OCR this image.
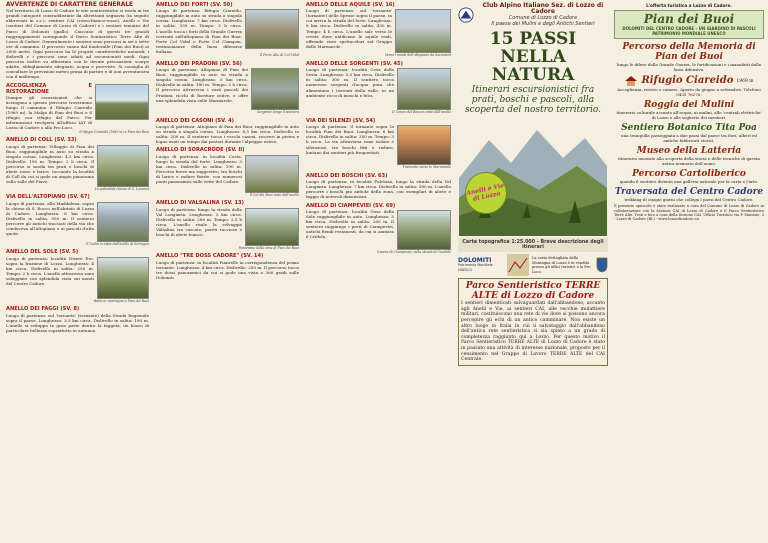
AVVERTENZE DI CARATTERE GENERALE
Nel territorio di Lozzo di Cadore le vite sentieristiche si rivela in tre grandi categorie contraddistinte da altrettanti segnavia (in seguito abbreviati in s.s.): sentieri CAI (rosso-bianco-rosso), Anelli e Vie (sentieri del Comune di Lozzo di Cadore) e i sentieri tematici del Parco di Dolomiti (giallo). Ciascuno di questi tre grandi raggruppamenti corrisponde il Parco Sentieristico Terre Alte di Lozzo di Cadore. Generalmente i sentieri sono percorsi in sei o sette ore di cammino. Il percorso vanno dal fondovalle (Pian dei Buoi) ai 2000 metri. Ogni percorso ha le proprie caratteristiche naturali: i dislivelli e i percorsi sono adatti ad escursionisti medi. Ogni percorso inoltre va affrontato con le dovute precauzioni: scarpe adatte, abbigliamento adeguato, acqua e provviste. Si consiglia di consultare le previsioni meteo prima di partire e di non avventurarsi con il maltempo.
ACCOGLIENZA E RISTORAZIONE
Dunque gli escursionisti che si accingono a questo percorso troveranno lungo il cammino il Rifugio Ciareido (1969 m), la Malga di Pian dei Buoi e il rifugio con rifugio del Parco. Per informazioni rivolgersi all'ufficio IAT di Lozzo di Cadore o alla Pro Loco.
Il rifugio Ciareido (1969 m) a Pian dei Buoi
ANELLO DI COLL (SV. 33)
Luogo di partenza: Villaggio di Pian dei Buoi, raggiungibile in auto su strada a singola corsia. Lunghezza: 4,5 km circa. Dislivello: 190 m. Tempo: 2 h circa. Il percorso si snoda tra prati e boschi di abete rosso e larice, toccando la località di Coll da cui si gode un ampio panorama sulla valle del Piave.
La splendida chiesa di S. Lorenzo
VIA DELL'ALTOPIANO (SV. 67)
Luogo di partenza: alla Maddalena, sopra la chiesa di S. Rocco nell'abitato di Lozzo di Cadore. Lunghezza: 6 km circa. Dislivello in salita: 950 m. Il sentiero percorre gli antichi tracciati della via che conduceva all'altopiano e ai pascoli d'alta quota.
Il Cadin in vista dall'anello di Seringou
ANELLO DEL SOLE (SV. 5)
Luogo di partenza: località Nisere Ere, sopra la frazione di Lozzo. Lunghezza: 4 km circa. Dislivello in salita: 250 m. Tempo: 2 h circa. L'anello attraversa zone soleggiate con splendida vista sui monti del Centro Cadore.
Baita in montagna a Pian dei Buoi
ANELLO DEI FAGGI (SV. 8)
Luogo di partenza: sul 'tornante' (tornante) della Strada Regionale sopra il paese. Lunghezza: 3,5 km circa. Dislivello in salita: 190 m. L'anello si sviluppa in gran parte dentro la faggeta, un bosco di particolare bellezza soprattutto in autunno.
ANELLO DEI FORTI (SV. 50)
Luogo di partenza: Rifugio Ciareido, raggiungibile in auto su strada a singola corsia. Lunghezza: 7 km circa. Dislivello in salita: 330 m. Tempo: 3 h circa. L'anello tocca i forti della Grande Guerra costruiti sull'altopiano di Pian dei Buoi: Forte Col Vidal e Forte Col Ciampon, testimonianze della linea difensiva italiana.
Il Forte Alto di Col Vidal
ANELLO DEI PRADONI (SV. 56)
Luogo di partenza: Altopiano di Pian dei Buoi, raggiungibile in auto su strada a singola corsia. Lunghezza: 5 km circa. Dislivello in salita: 180 m. Tempo: 2 h circa. Il percorso attraversa i vasti pascoli dei Pradoni, ricchi di fioriture estive, e offre una splendida vista sulle Marmarole.
Sorgente lungo il sentiero
ANELLO DEI CASONI (SV. 4)
Luogo di partenza: Altopiano di Pian dei Buoi, raggiungibile in auto su strada a singola corsia. Lunghezza: 6,5 km circa. Dislivello in salita: 200 m. Il sentiero tocca i vecchi casoni, ricoveri in pietra e legno usati un tempo dai pastori durante l'alpeggio estivo.
ANELLO DI SORACRODE (SV. II)
Luogo di partenza: in località Costa, lungo la strada del forte. Lunghezza: 3 km circa. Dislivello in salita: 190 m. Percorso breve ma suggestivo, tra boschi di larice e radure fiorite, con numerosi punti panoramici sulle vette del Cadore.
Il Col dei Buoi visto dall'anello
ANELLO DI VALSALINA (SV. 13)
Luogo di partenza: lungo la strada della Val Longiarin. Lunghezza: 5 km circa. Dislivello in salita: 280 m. Tempo: 2,5 h circa. L'anello risale la selvaggia Valsalina tra cascate, pareti rocciose e boschi di abete bianco.
Panorama dalla cima di Pian dei Buoi
ANELLO "TRE DOSS CADORE" (SV. 14)
Luogo di partenza: in località Pianrelle in corrispondenza del primo tornante. Lunghezza: 4 km circa. Dislivello: 250 m. Il percorso tocca tre dossi panoramici da cui si gode una vista a 360 gradi sulle Dolomiti.
ANELLO DELLE AQUILE (SV. 16)
Luogo di partenza: sul 'tornante' (tornante) delle Spesse sopra il paese, in cui arriva la strada del forte. Lunghezza: 8 km circa. Dislivello in salita: 430 m. Tempo: 4 h circa. L'anello sale verso le creste dove nidificano le aquile reali, offrendo viste spettacolari sul Gruppo delle Marmarole.
Verso i monti dell'altopiano da Sorantoni
ANELLO DELLE SORGENTI (SV. 45)
Luogo di partenza: località Ceva della Sesta. Lunghezza: 5,5 km circa. Dislivello in salita: 300 m. Il sentiero tocca numerose sorgenti d'acqua pura che alimentano i torrenti della valle, in un ambiente ricco di muschi e felci.
Il Cimon del Boscon visto dall'anello
VIA DEI SILENZI (SV. 54)
Luogo di partenza: il tornante sopra la località Pian dei Buoi. Lunghezza: 6 km circa. Dislivello in salita: 350 m. Tempo: 3 h circa. La via attraversa zone isolate e silenziose, tra boschi fitti e radure, lontano dai sentieri più frequentati.
Tramonto verso le Marmarole
ANELLO DEI BOSCHI (SV. 63)
Luogo di partenza: in località Fulchiaa, lungo la strada della Val Longiarin. Lunghezza: 7 km circa. Dislivello in salita: 380 m. L'anello percorre i boschi più antichi della zona, con esemplari di abete e faggio di notevoli dimensioni.
ANELLO DI CIAMPEVIEI (SV. 69)
Luogo di partenza: località Gosa della Sole raggiungibile in auto. Lunghezza: 5 km circa. Dislivello in salita: 260 m. Il sentiero raggiunge i prati di Ciampeviei, antichi fienili restaurati, da cui si ammira il Cridola.
Casera di Ciampeviei, sulla strada di Candide
Club Alpino Italiano Sez. di Lozzo di Cadore
Comune di Lozzo di Cadore
Il paese dei Mulini e degli Antichi Sentieri
15 PASSI NELLA NATURA
Itinerari escursionistici fra prati, boschi e pascoli, alla scoperta del nostro territorio.
Anelli e Vie di Lozzo
Carta topografica 1:25.000 - Breve descrizione degli itinerari
DOLOMITI
Patrimonio Mondiale UNESCO
La carta dettagliata della Montagna di Lozzo è in vendita presso gli uffici turistici e la Pro Loco.
Parco Sentieristico TERRE ALTE di Lozzo di Cadore
I sentieri dimenticati salvaguardati dall'abbandono, accanto agli Anelli e Vie, ai sentieri CAI, alle vecchie mulattiere militari, costituiscono una rete di vie dove si possono ancora percepire gli echi di un antico camminare. Non esiste un altro luogo in Italia in cui il salvataggio dall'abbandono dell'antica rete sentieristica si sia spinto a un grado di completezza raggiunto qui a Lozzo. Per questo motivo il Parco Sentieristico TERRE ALTE di Lozzo di Cadore è stato in passato una attività di interesse nazionale, proposto per il censimento nel Gruppo di Lavoro TERRE ALTE del CAI Centrale.
L'offerta turistica a Lozzo di Cadore.
Pian dei Buoi
DOLOMITI DEL CENTRO CADORE - UN GIARDINO DI PASCOLI PATRIMONIO MONDIALE UNESCO
Percorso della Memoria di Pian dei Buoi
lungo le difese della Grande Guerra, le fortificazioni e i manufatti della linea difensiva.
Rifugio Ciareido 1969 m
Accoglienza, ristoro e camere. Aperto da giugno a settembre. Telefono 0435 76276.
Roggia dei Mulini
itinerario culturale accanto all'acqua, ai mulini, alle 'centrali elettriche' di Lozzo e alle segherie dei mestieri.
Sentiero Botanico Tita Poa
una tranquilla passeggiata a due passi dal paese tra fiori, alberi ed antiche fabbricati storici.
Museo della Latteria
itinerario museale alla scoperta della storia e delle tecniche di questa antica memoria dell'uomo.
Percorso Cartoliberico
quando il sentiero diventa una galleria naturale per la carta e l'arte.
Traversata del Centro Cadore
trekking di cinque giorni che collega i paesi del Centro Cadore.
Il presente opuscolo è stato realizzato a cura del Comune di Lozzo di Cadore in collaborazione con la Sezione CAI di Lozzo di Cadore e il Parco Sentieristico Terre Alte. Testi e foto a cura della Sezione CAI. Ufficio Turistico via P. Mantoie, 3 - Lozzo di Cadore (BL) - www.lozzodicadore.eu
